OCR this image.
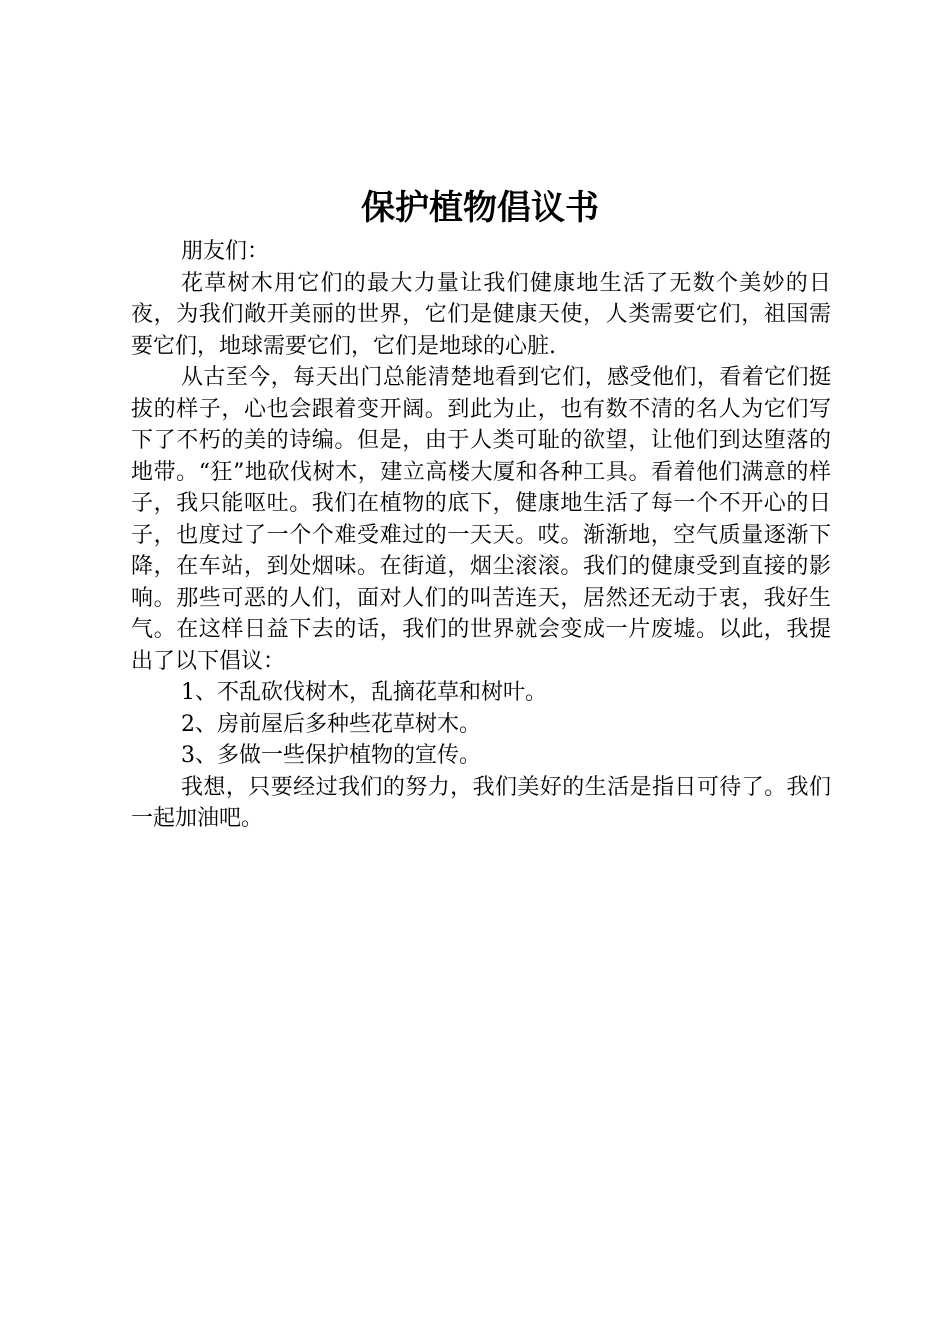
保护植物倡议书

朋友们：

花草树木用它们的最大力量让我们健康地生活了无数个美妙的日夜，为我们敞开美丽的世界，它们是健康天使，人类需要它们，祖国需要它们，地球需要它们，它们是地球的心脏.

从古至今，每天出门总能清楚地看到它们，感受他们，看着它们挺拔的样子，心也会跟着变开阔。到此为止，也有数不清的名人为它们写下了不朽的美的诗编。但是，由于人类可耻的欲望，让他们到达堕落的地带。“狂”地砍伐树木，建立高楼大厦和各种工具。看着他们满意的样子，我只能呕吐。我们在植物的底下，健康地生活了每一个不开心的日子，也度过了一个个难受难过的一天天。哎。渐渐地，空气质量逐渐下降，在车站，到处烟味。在街道，烟尘滚滚。我们的健康受到直接的影响。那些可恶的人们，面对人们的叫苦连天，居然还无动于衷，我好生气。在这样日益下去的话，我们的世界就会变成一片废墟。以此，我提出了以下倡议：

1、不乱砍伐树木，乱摘花草和树叶。

2、房前屋后多种些花草树木。

3、多做一些保护植物的宣传。

我想，只要经过我们的努力，我们美好的生活是指日可待了。我们一起加油吧。
